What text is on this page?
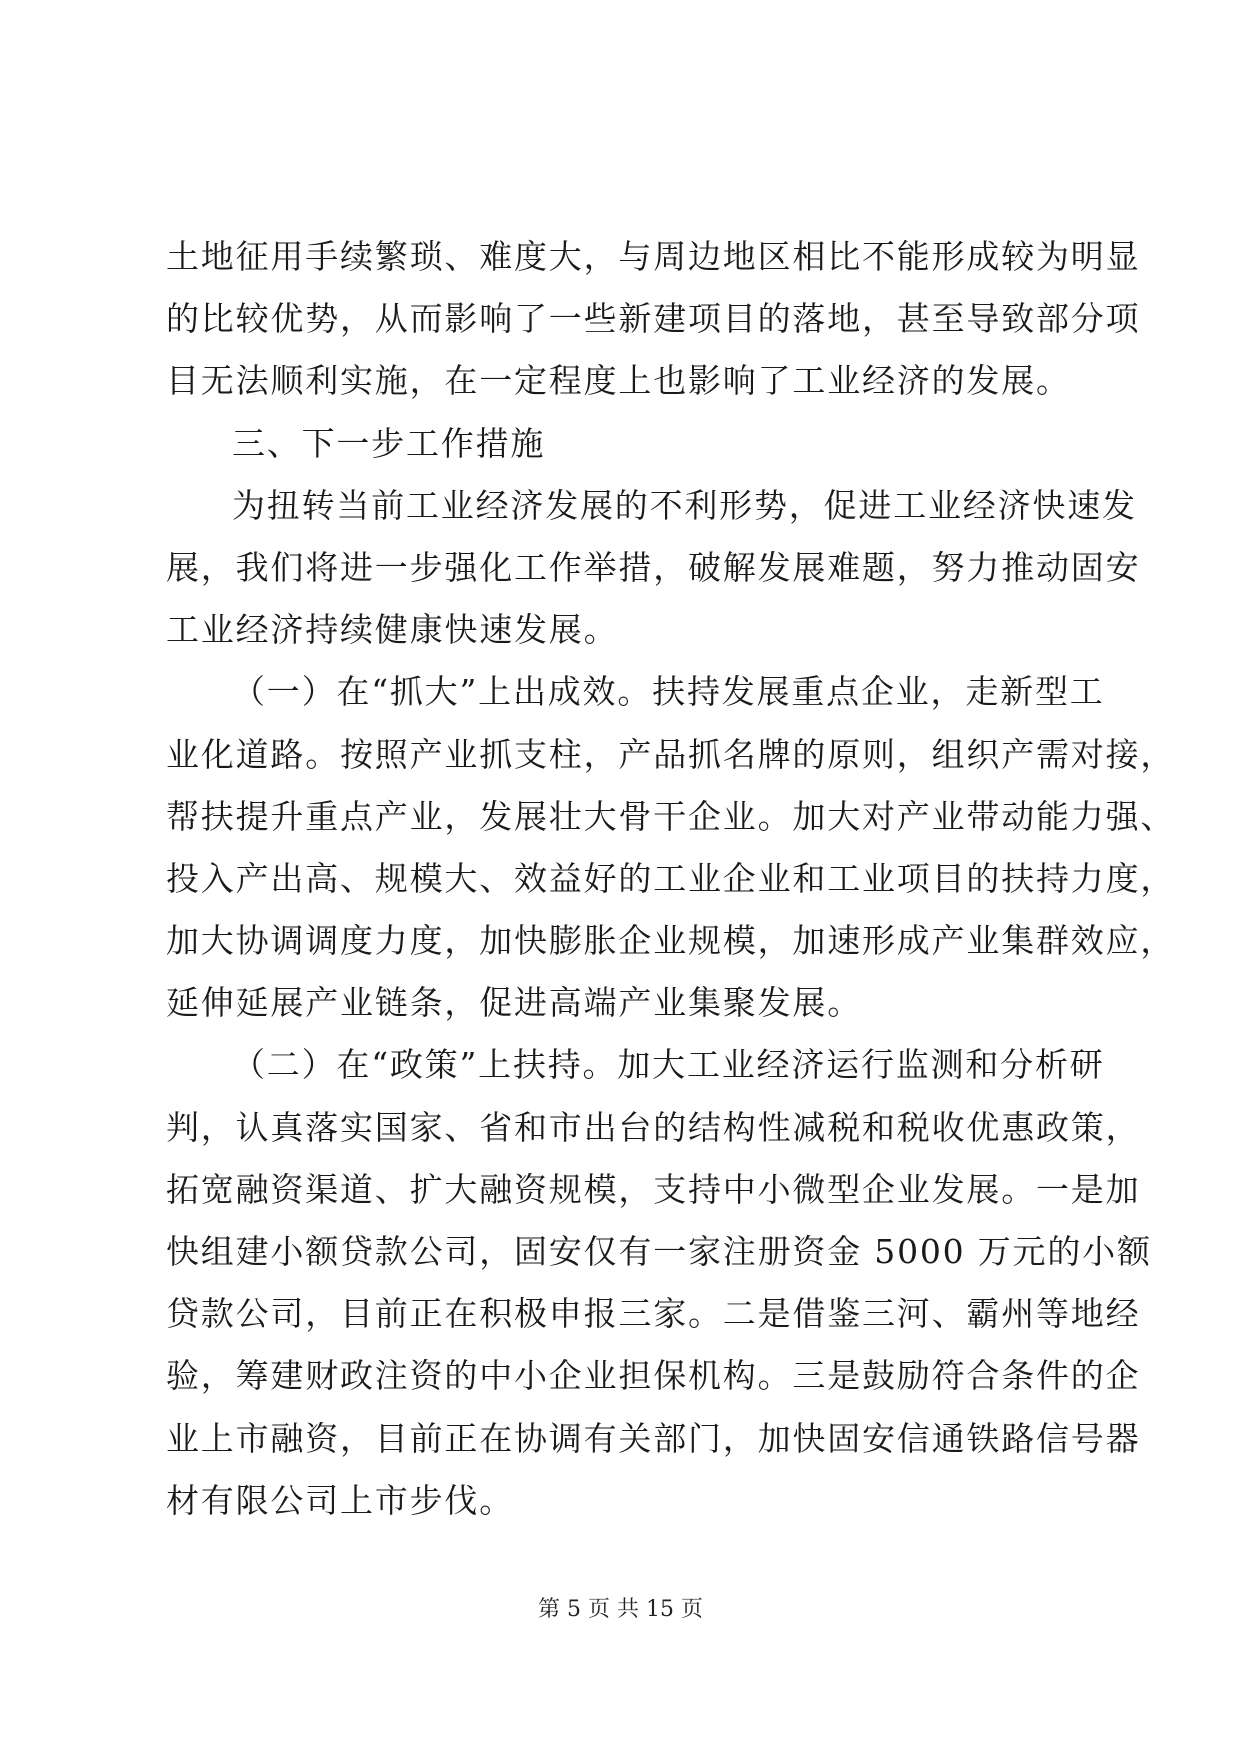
土地征用手续繁琐、难度大，与周边地区相比不能形成较为明显
的比较优势，从而影响了一些新建项目的落地，甚至导致部分项
目无法顺利实施，在一定程度上也影响了工业经济的发展。
三、下一步工作措施
为扭转当前工业经济发展的不利形势，促进工业经济快速发
展，我们将进一步强化工作举措，破解发展难题，努力推动固安
工业经济持续健康快速发展。
（一）在“抓大”上出成效。扶持发展重点企业，走新型工
业化道路。按照产业抓支柱，产品抓名牌的原则，组织产需对接，
帮扶提升重点产业，发展壮大骨干企业。加大对产业带动能力强、
投入产出高、规模大、效益好的工业企业和工业项目的扶持力度，
加大协调调度力度，加快膨胀企业规模，加速形成产业集群效应，
延伸延展产业链条，促进高端产业集聚发展。
（二）在“政策”上扶持。加大工业经济运行监测和分析研
判，认真落实国家、省和市出台的结构性减税和税收优惠政策，
拓宽融资渠道、扩大融资规模，支持中小微型企业发展。一是加
快组建小额贷款公司，固安仅有一家注册资金 5000 万元的小额
贷款公司，目前正在积极申报三家。二是借鉴三河、霸州等地经
验，筹建财政注资的中小企业担保机构。三是鼓励符合条件的企
业上市融资，目前正在协调有关部门，加快固安信通铁路信号器
材有限公司上市步伐。
第 5 页 共 15 页
